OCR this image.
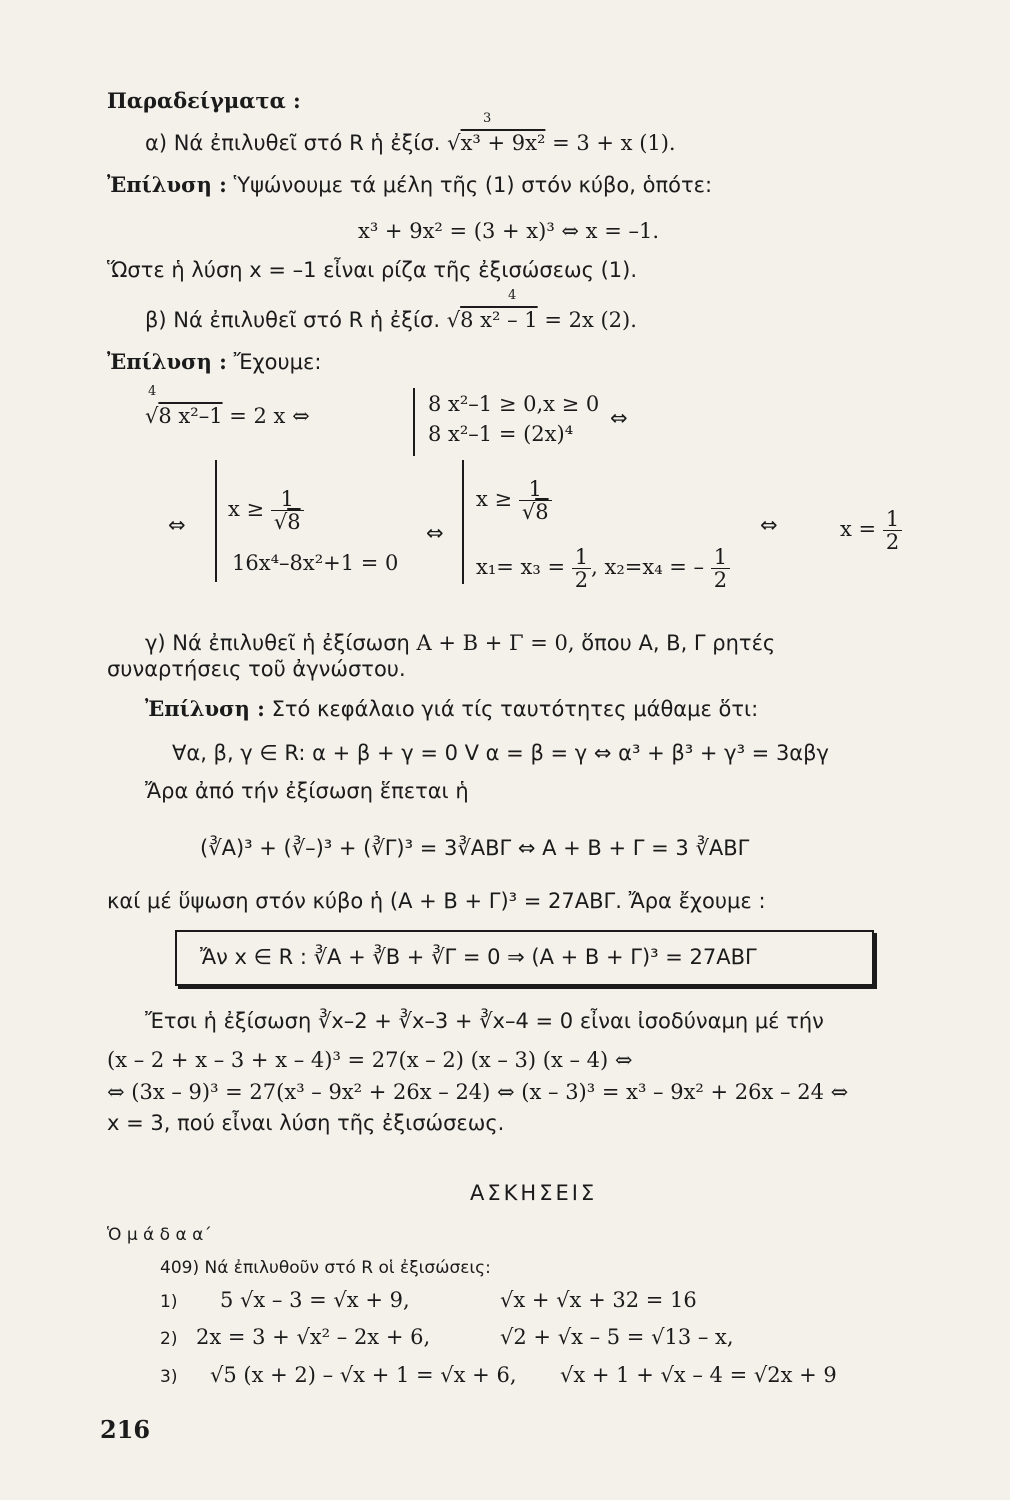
Παραδείγματα :
3
α) Νά ἐπιλυθεῖ στό R ἡ ἐξίσ. √x³ + 9x² = 3 + x (1).
Ἐπίλυση : Ὑψώνουμε τά μέλη τῆς (1) στόν κύβο, ὁπότε:
x³ + 9x² = (3 + x)³ ⇔ x = –1.
Ὥστε ἡ λύση x = –1 εἶναι ρίζα τῆς ἐξισώσεως (1).
4
β) Νά ἐπιλυθεῖ στό R ἡ ἐξίσ. √8 x² – 1 = 2x (2).
Ἐπίλυση : Ἔχουμε:
4
√8 x²–1 = 2 x ⇔	8 x²–1 ≥ 0,x ≥ 0
8 x²–1 = (2x)⁴
⇔
⇔
$x \ge \frac{1}{√8}$
16x⁴–8x²+1 = 0
⇔
$x \ge \frac{1}{√8}$
$x_1= x_3 = \frac{1}{2}$ , x₂=x₄ = – $\frac{1}{2}$
⇔	$x = \frac{1}{2}$
γ) Νά ἐπιλυθεῖ ἡ ἐξίσωση A + B + Γ = 0, ὅπου Α, Β, Γ ρητές
συναρτήσεις τοῦ ἀγνώστου.
Ἐπίλυση : Στό κεφάλαιο γιά τίς ταυτότητες μάθαμε ὅτι:
∀α, β, γ ∈ R: α + β + γ = 0 V α = β = γ ⇔ α³ + β³ + γ³ = 3αβγ
Ἄρα ἀπό τήν ἐξίσωση ἕπεται ἡ
(∛A)³ + (∛–)³ + (∛Γ)³ = 3∛ΑΒΓ ⇔ A + B + Γ = 3 ∛ΑΒΓ
καί μέ ὕψωση στόν κύβο ἡ (Α + Β + Γ)³ = 27ΑΒΓ. Ἄρα ἔχουμε :
Ἄν x ∈ R : ∛A + ∛B + ∛Γ = 0 ⇒ (A + B + Γ)³ = 27ΑΒΓ
Ἔτσι ἡ ἐξίσωση ∛x–2 + ∛x–3 + ∛x–4 = 0 εἶναι ἰσοδύναμη μέ τήν
(x – 2 + x – 3 + x – 4)³ = 27(x – 2) (x – 3) (x – 4) ⇔
⇔ (3x – 9)³ = 27(x³ – 9x² + 26x – 24) ⇔ (x – 3)³ = x³ – 9x² + 26x – 24 ⇔
x = 3, πού εἶναι λύση τῆς ἐξισώσεως.
ΑΣΚΗΣΕΙΣ
Ὁ μ ά δ α α΄
409) Νά ἐπιλυθοῦν στό R οἱ ἐξισώσεις:
1) 5 √x – 3 = √x + 9,	√x + √x + 32 = 16
2) 2x = 3 + √x² – 2x + 6,	√2 + √x – 5 = √13 – x,
3) √5 (x + 2) – √x + 1 = √x + 6, √x + 1 + √x – 4 = √2x + 9
216
